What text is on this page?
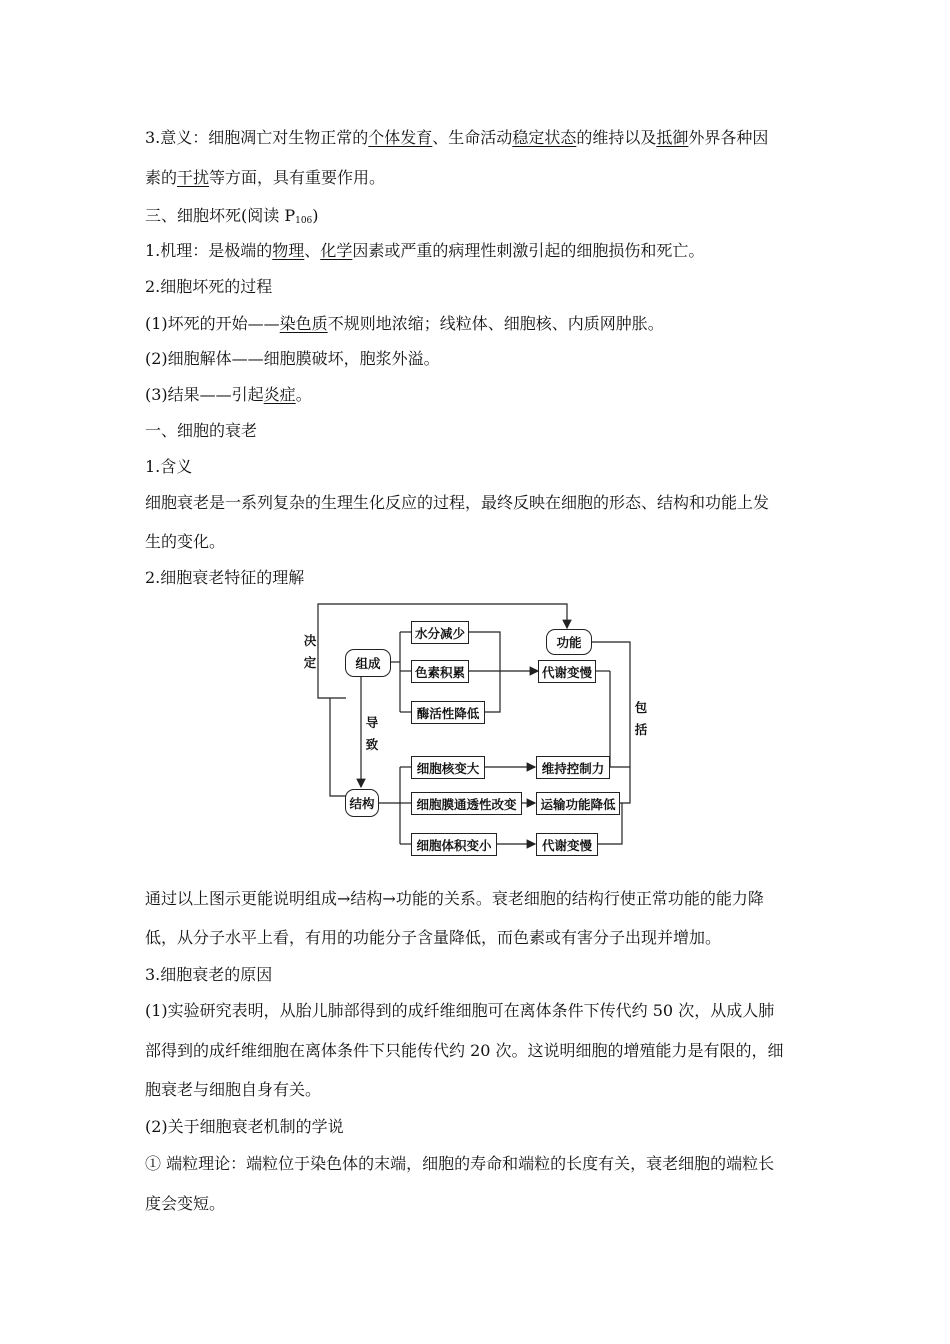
3.意义：细胞凋亡对生物正常的个体发育、生命活动稳定状态的维持以及抵御外界各种因
素的干扰等方面，具有重要作用。
三、细胞坏死(阅读 $P_{106}$)
1.机理：是极端的物理、化学因素或严重的病理性刺激引起的细胞损伤和死亡。
2.细胞坏死的过程
(1)坏死的开始——染色质不规则地浓缩；线粒体、细胞核、内质网肿胀。
(2)细胞解体——细胞膜破坏，胞浆外溢。
(3)结果——引起炎症。
一、细胞的衰老
1.含义
细胞衰老是一系列复杂的生理生化反应的过程，最终反映在细胞的形态、结构和功能上发
生的变化。
2.细胞衰老特征的理解
决
定
导
致
包
括
组成
结构
功能
水分减少
色素积累
酶活性降低
代谢变慢
细胞核变大
细胞膜通透性改变
细胞体积变小
维持控制力
运输功能降低
代谢变慢
通过以上图示更能说明组成→结构→功能的关系。衰老细胞的结构行使正常功能的能力降
低，从分子水平上看，有用的功能分子含量降低，而色素或有害分子出现并增加。
3.细胞衰老的原因
(1)实验研究表明，从胎儿肺部得到的成纤维细胞可在离体条件下传代约 50 次，从成人肺
部得到的成纤维细胞在离体条件下只能传代约 20 次。这说明细胞的增殖能力是有限的，细
胞衰老与细胞自身有关。
(2)关于细胞衰老机制的学说
① 端粒理论：端粒位于染色体的末端，细胞的寿命和端粒的长度有关，衰老细胞的端粒长
度会变短。
